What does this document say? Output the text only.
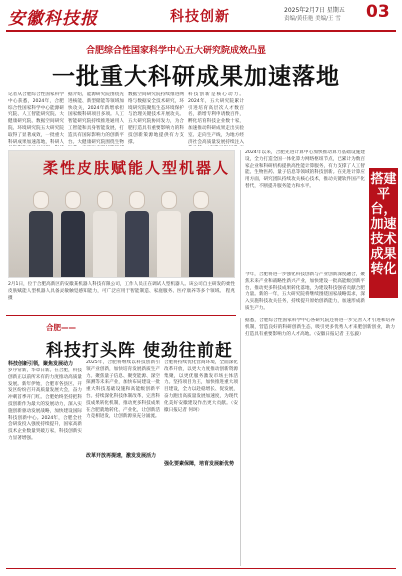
安徽科技报	科技创新	2025年2月7日 星期五
责编/黄佳艳 美编/王 雪 03
合肥综合性国家科学中心五大研究院成效凸显
一批重大科研成果加速落地
记者从合肥综合性国家科学中心获悉，2024年，合肥综合性国家科学中心能源研究院、人工智能研究院、大健康研究院、数据空间研究院、环境研究院五大研究院取得了显著成效，一批重大科研成果加速落地，科研人
据介绍，能源研究院围绕先进核能、新型储能等领域加快攻关，2024年新增承担国家级科研项目多项。人工智能研究院持续推进通用人工智能和具身智能发展，打造具有国际影响力的创新平台。大健康研究院围绕生物
数据空间研究院持续推进网络与数据安全技术研究，环境研究院聚焦生态环境保护与治理关键技术开展攻关。五大研究院协同发力，为合肥打造具有重要影响力的科技创新策源地提供有力支撑。
科技创新是核心动力。2024年，五大研究院累计引进培育高层次人才数百名，新增专利申请数百件，孵化培育科技企业数十家，加速推动科研成果走出实验室、走向生产线，为地方经济社会高质量发展持续注入
柔性皮肤赋能人型机器人
2月1日，位于合肥高新区的安徽某机器人科技有限公司，工作人员正在调试人型机器人。该公司自主研发的柔性皮肤赋能人型机器人具备灵敏触觉感知能力，可广泛应用于智能制造、家庭服务、医疗康养等多个领域。 程兆 摄
2024年以来，合肥先进计算中心加快推动算力基础设施建设，全力打造全国一体化算力网络枢纽节点，已累计为数百家企业和科研机构提供高性能计算服务，有力支撑了人工智能、生物医药、量子信息等领域的科技创新。在先进计算应用方面，研究团队持续攻关核心技术，推动关键软件国产化替代，不断提升服务能力和水平。
今年，合肥将进一步强化科技创新与产业创新深度融合，聚焦未来产业和战略性新兴产业，加快建设一批高能级创新平台，推动更多科技成果转化落地，为建设科技强省贡献合肥力量。新的一年，五大研究院将继续围绕国家战略需求，深入实施科技攻关任务，持续提升原始创新能力，加速形成新质生产力。
搭建平台，加速技术成果转化
合肥——
科技打头阵 使劲往前赶
科技创新引领，聚焦发展动力
岁序常新，华章日新。在合肥，科技创新正以前所未有的力度推动高质量发展。新年伊始，合肥市各县区、开发区纷纷召开高质量发展大会，奋力冲刺首季开门红。合肥始终坚持把科技创新作为最大的发展动力，深入实施创新驱动发展战略，加快建设国际科技创新中心。2024年，合肥全社会研发投入强度持续提升，国家高新技术企业数量突破万家，科技创新实力显著增强。
改革开放再提速，激发发展活力
2025年，合肥将继续以科技创新引领产业创新，加快培育发展新质生产力。聚焦量子信息、聚变能源、深空探测等未来产业，加快布局建设一批重大科技基础设施和高能级创新平台。持续深化科技体制改革，完善科技成果转化机制，推动更多科技成果在合肥就地转化、产业化，让创新活力竞相迸发，让创新源泉充分涌流。
强化要素保障，培育发展新优势
合肥将持续优化营商环境，全面深化改革开放，以更大力度推动创新资源集聚，以更优服务激发市场主体活力。坚持项目为王，加快推进重大项目建设，全力以赴稳增长、促发展，奋力跑出高质量发展加速度，为现代化美好安徽建设作出更大贡献。（安徽日报记者 何珂）
据悉，合肥综合性国家科学中心各研究院还将进一步完善人才引进和培养机制，营造良好的科研创新生态，吸引更多优秀人才来肥创新创业，助力打造具有重要影响力的人才高地。（安徽日报记者 王弘毅）
